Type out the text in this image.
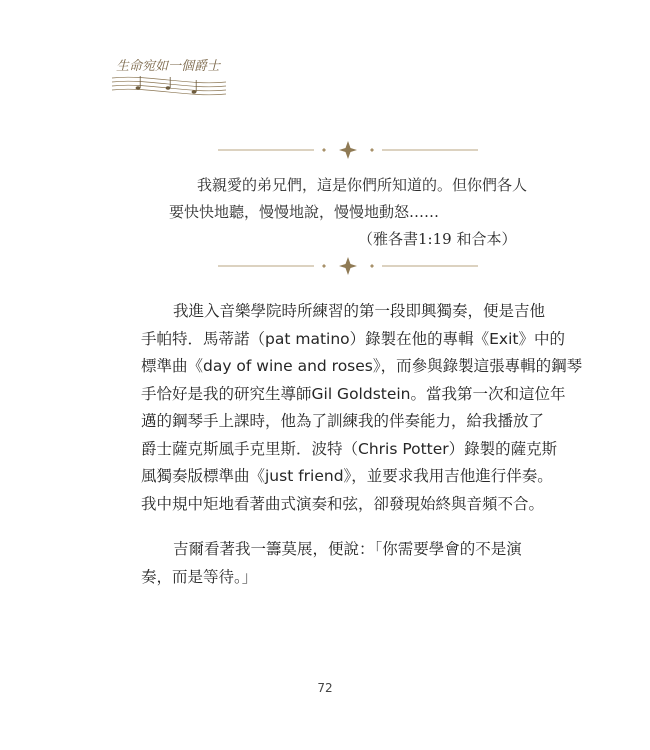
生命宛如一個爵士
我親愛的弟兄們，這是你們所知道的。但你們各人
要快快地聽，慢慢地說，慢慢地動怒……
（雅各書1:19 和合本）
我進入音樂學院時所練習的第一段即興獨奏，便是吉他
手帕特．馬蒂諾（pat matino）錄製在他的專輯《Exit》中的
標準曲《day of wine and roses》，而參與錄製這張專輯的鋼琴
手恰好是我的研究生導師Gil Goldstein。當我第一次和這位年
邁的鋼琴手上課時，他為了訓練我的伴奏能力，給我播放了
爵士薩克斯風手克里斯．波特（Chris Potter）錄製的薩克斯
風獨奏版標準曲《just friend》，並要求我用吉他進行伴奏。
我中規中矩地看著曲式演奏和弦，卻發現始終與音頻不合。
吉爾看著我一籌莫展，便說：「你需要學會的不是演
奏，而是等待。」
72
